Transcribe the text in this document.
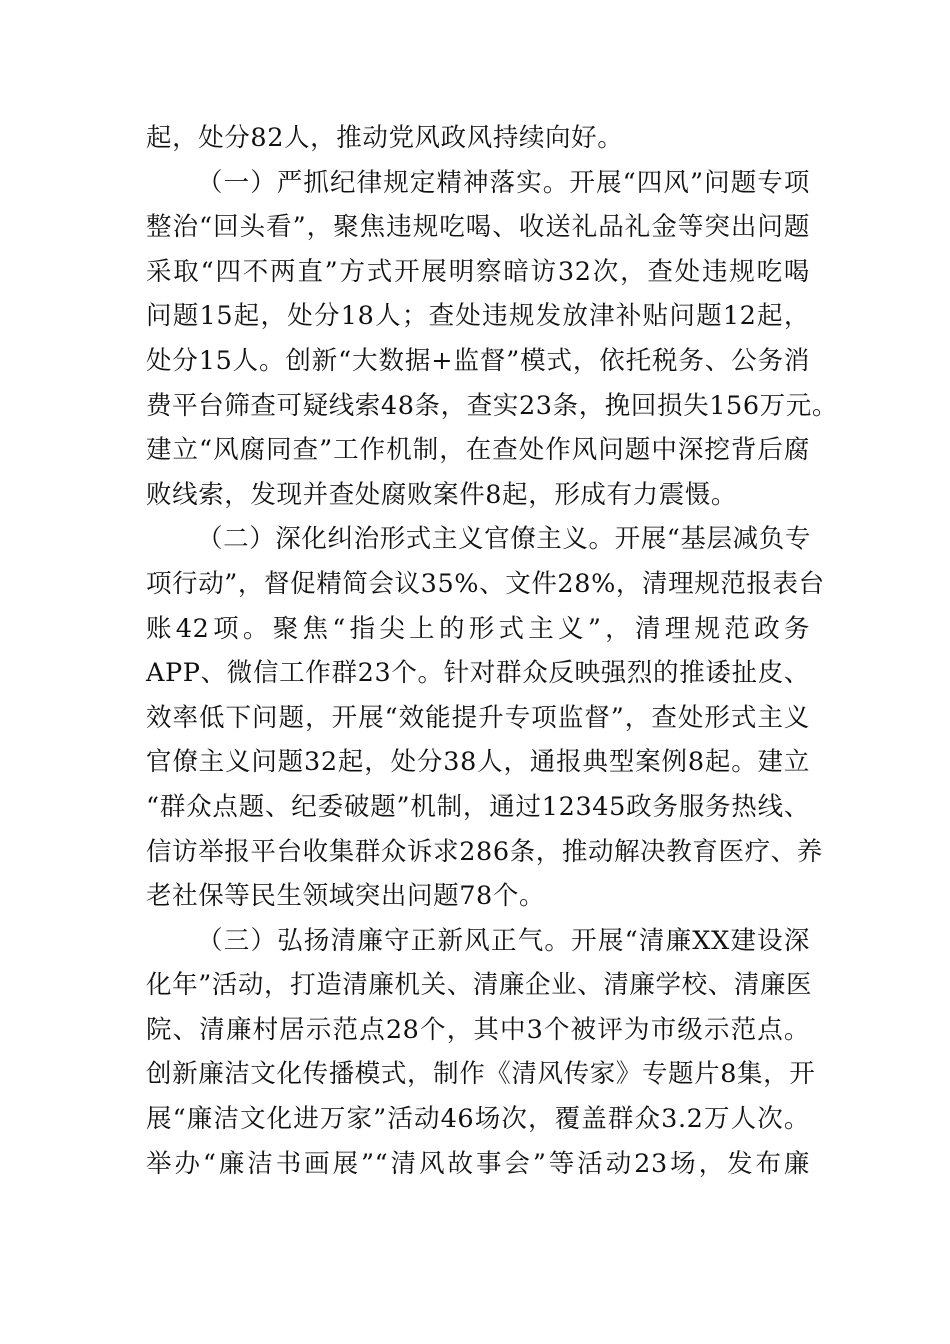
起，处分82人，推动党风政风持续向好。
（一）严抓纪律规定精神落实。开展“四风”问题专项
整治“回头看”，聚焦违规吃喝、收送礼品礼金等突出问题
采取“四不两直”方式开展明察暗访32次，查处违规吃喝
问题15起，处分18人；查处违规发放津补贴问题12起，
处分15人。创新“大数据+监督”模式，依托税务、公务消
费平台筛查可疑线索48条，查实23条，挽回损失156万元。
建立“风腐同查”工作机制，在查处作风问题中深挖背后腐
败线索，发现并查处腐败案件8起，形成有力震慑。
（二）深化纠治形式主义官僚主义。开展“基层减负专
项行动”，督促精简会议35%、文件28%，清理规范报表台
账42项。聚焦“指尖上的形式主义”，清理规范政务
APP、微信工作群23个。针对群众反映强烈的推诿扯皮、
效率低下问题，开展“效能提升专项监督”，查处形式主义
官僚主义问题32起，处分38人，通报典型案例8起。建立
“群众点题、纪委破题”机制，通过12345政务服务热线、
信访举报平台收集群众诉求286条，推动解决教育医疗、养
老社保等民生领域突出问题78个。
（三）弘扬清廉守正新风正气。开展“清廉XX建设深
化年”活动，打造清廉机关、清廉企业、清廉学校、清廉医
院、清廉村居示范点28个，其中3个被评为市级示范点。
创新廉洁文化传播模式，制作《清风传家》专题片8集，开
展“廉洁文化进万家”活动46场次，覆盖群众3.2万人次。
举办“廉洁书画展”“清风故事会”等活动23场，发布廉
